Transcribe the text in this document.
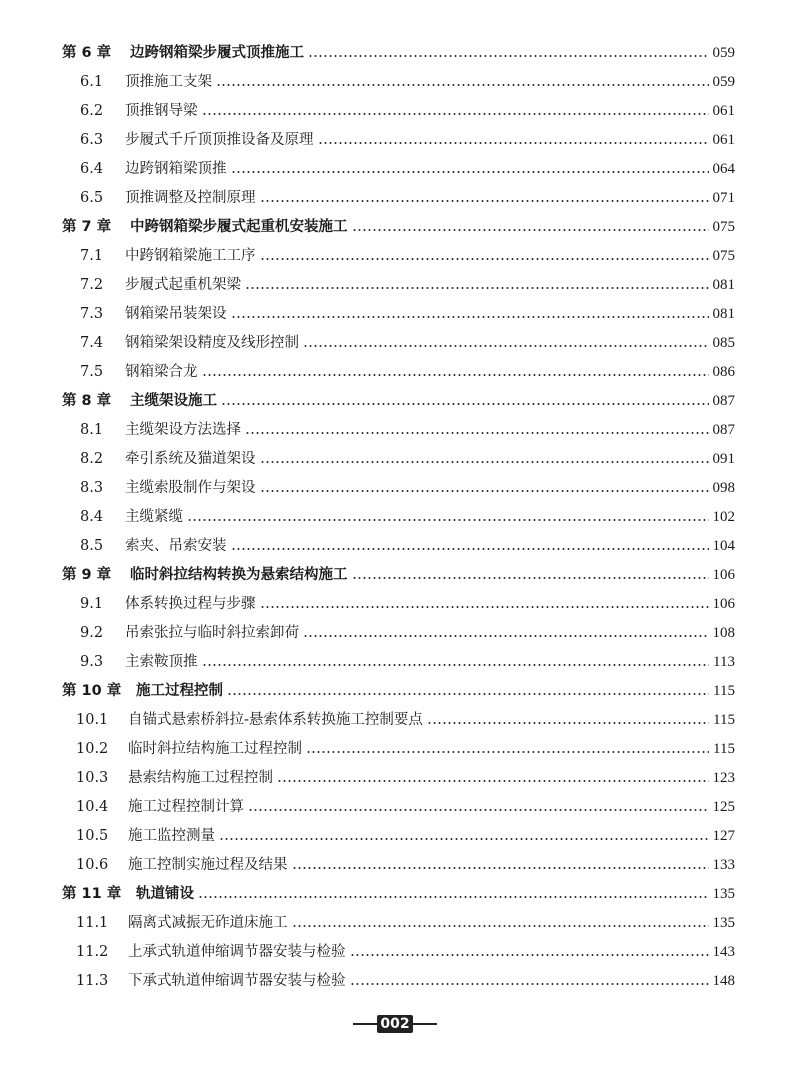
第 6 章	边跨钢箱梁步履式顶推施工	059
6.1	顶推施工支架	059
6.2	顶推钢导梁	061
6.3	步履式千斤顶顶推设备及原理	061
6.4	边跨钢箱梁顶推	064
6.5	顶推调整及控制原理	071
第 7 章	中跨钢箱梁步履式起重机安装施工	075
7.1	中跨钢箱梁施工工序	075
7.2	步履式起重机架梁	081
7.3	钢箱梁吊装架设	081
7.4	钢箱梁架设精度及线形控制	085
7.5	钢箱梁合龙	086
第 8 章	主缆架设施工	087
8.1	主缆架设方法选择	087
8.2	牵引系统及猫道架设	091
8.3	主缆索股制作与架设	098
8.4	主缆紧缆	102
8.5	索夹、吊索安装	104
第 9 章	临时斜拉结构转换为悬索结构施工	106
9.1	体系转换过程与步骤	106
9.2	吊索张拉与临时斜拉索卸荷	108
9.3	主索鞍顶推	113
第 10 章	施工过程控制	115
10.1	自锚式悬索桥斜拉-悬索体系转换施工控制要点	115
10.2	临时斜拉结构施工过程控制	115
10.3	悬索结构施工过程控制	123
10.4	施工过程控制计算	125
10.5	施工监控测量	127
10.6	施工控制实施过程及结果	133
第 11 章	轨道铺设	135
11.1	隔离式减振无砟道床施工	135
11.2	上承式轨道伸缩调节器安装与检验	143
11.3	下承式轨道伸缩调节器安装与检验	148
002
